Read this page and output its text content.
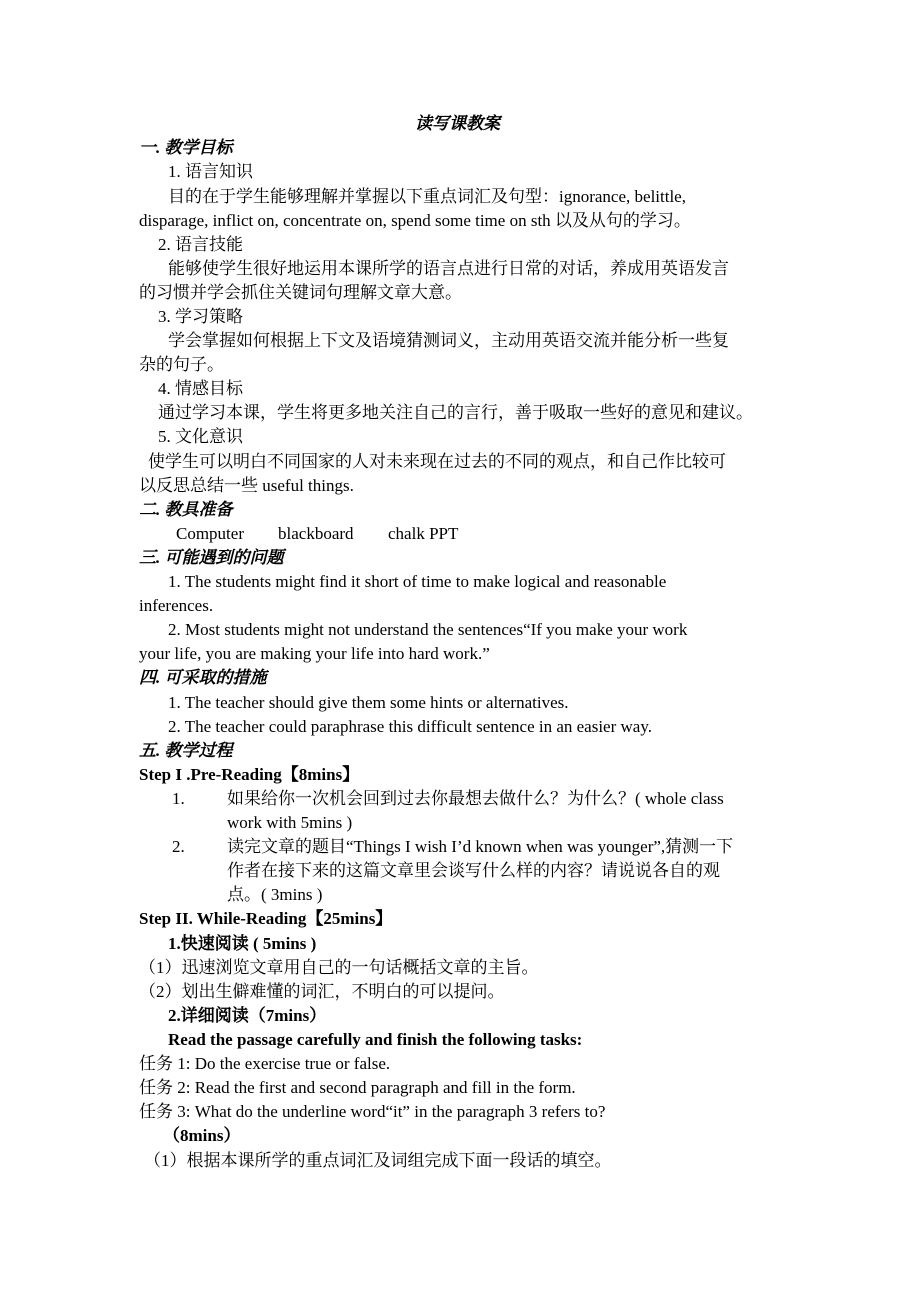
读写课教案
一. 教学目标
1. 语言知识
目的在于学生能够理解并掌握以下重点词汇及句型：ignorance, belittle,
disparage, inflict on, concentrate on, spend some time on sth 以及从句的学习。
2. 语言技能
能够使学生很好地运用本课所学的语言点进行日常的对话，养成用英语发言
的习惯并学会抓住关键词句理解文章大意。
3. 学习策略
学会掌握如何根据上下文及语境猜测词义，主动用英语交流并能分析一些复
杂的句子。
4. 情感目标
通过学习本课，学生将更多地关注自己的言行，善于吸取一些好的意见和建议。
5. 文化意识
使学生可以明白不同国家的人对未来现在过去的不同的观点，和自己作比较可
以反思总结一些 useful things.
二. 教具准备
Computer blackboard chalk PPT
三. 可能遇到的问题
1. The students might find it short of time to make logical and reasonable
inferences.
2. Most students might not understand the sentences“If you make your work
your life, you are making your life into hard work.”
四. 可采取的措施
1. The teacher should give them some hints or alternatives.
2. The teacher could paraphrase this difficult sentence in an easier way.
五. 教学过程
Step I .Pre-Reading【8mins】
1. 如果给你一次机会回到过去你最想去做什么？为什么？( whole class
work with 5mins )
2. 读完文章的题目“Things I wish I’d known when was younger”,猜测一下
作者在接下来的这篇文章里会谈写什么样的内容？请说说各自的观
点。( 3mins )
Step II. While-Reading【25mins】
1.快速阅读 ( 5mins )
（1）迅速浏览文章用自己的一句话概括文章的主旨。
（2）划出生僻难懂的词汇，不明白的可以提问。
2.详细阅读（7mins）
Read the passage carefully and finish the following tasks:
任务 1: Do the exercise true or false.
任务 2: Read the first and second paragraph and fill in the form.
任务 3: What do the underline word“it” in the paragraph 3 refers to?
（8mins）
（1）根据本课所学的重点词汇及词组完成下面一段话的填空。
